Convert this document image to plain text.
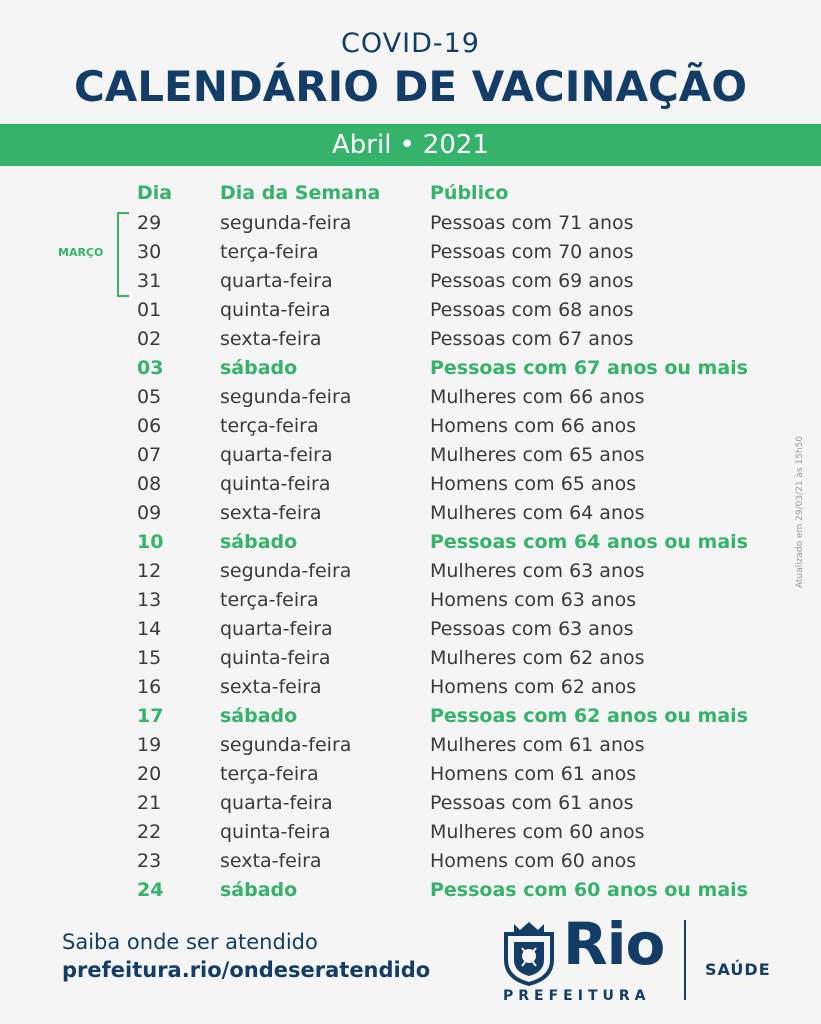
COVID-19
CALENDÁRIO DE VACINAÇÃO
Abril • 2021
Dia	Dia da Semana	Público
MARÇO
29	segunda-feira	Pessoas com 71 anos
30	terça-feira	Pessoas com 70 anos
31	quarta-feira	Pessoas com 69 anos
01	quinta-feira	Pessoas com 68 anos
02	sexta-feira	Pessoas com 67 anos
03	sábado	Pessoas com 67 anos ou mais
05	segunda-feira	Mulheres com 66 anos
06	terça-feira	Homens com 66 anos
07	quarta-feira	Mulheres com 65 anos
08	quinta-feira	Homens com 65 anos
09	sexta-feira	Mulheres com 64 anos
10	sábado	Pessoas com 64 anos ou mais
12	segunda-feira	Mulheres com 63 anos
13	terça-feira	Homens com 63 anos
14	quarta-feira	Pessoas com 63 anos
15	quinta-feira	Mulheres com 62 anos
16	sexta-feira	Homens com 62 anos
17	sábado	Pessoas com 62 anos ou mais
19	segunda-feira	Mulheres com 61 anos
20	terça-feira	Homens com 61 anos
21	quarta-feira	Pessoas com 61 anos
22	quinta-feira	Mulheres com 60 anos
23	sexta-feira	Homens com 60 anos
24	sábado	Pessoas com 60 anos ou mais
Atualizado em 29/03/21 às 15h50
Saiba onde ser atendido
prefeitura.rio/ondeseratendido Rio
PREFEITURA
SAÚDE
